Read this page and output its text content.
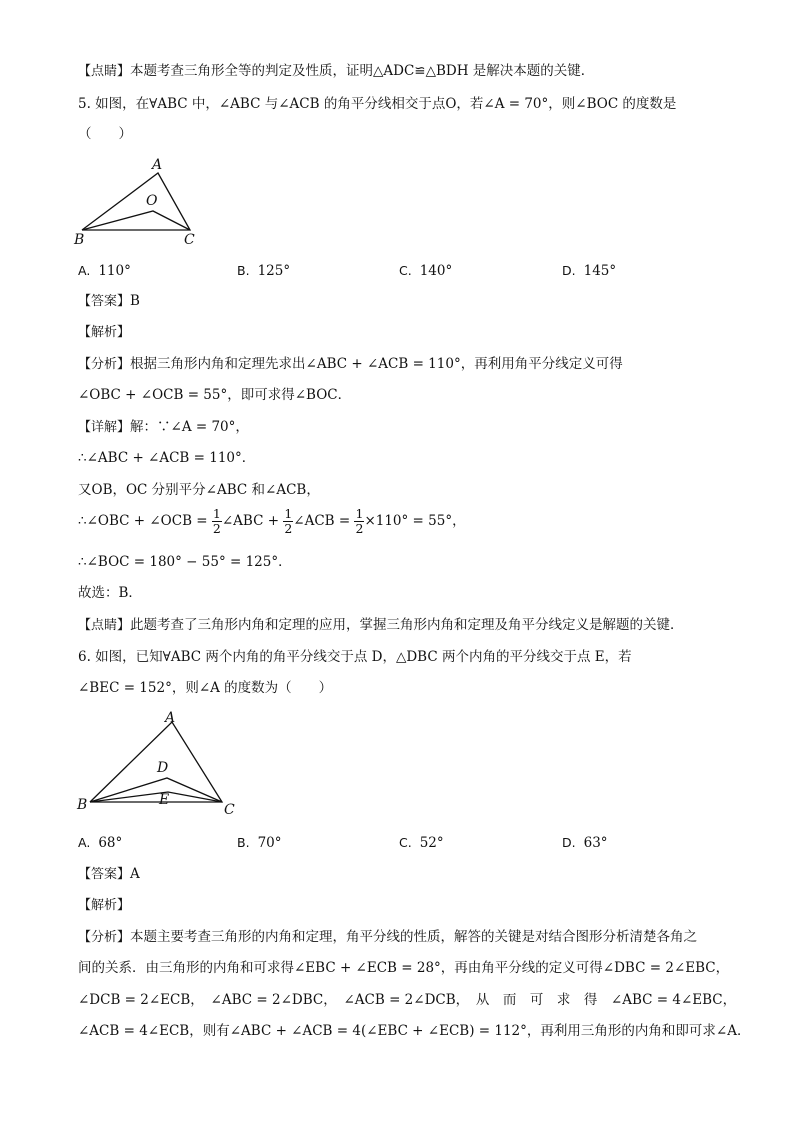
【点睛】本题考查三角形全等的判定及性质，证明△ADC≌△BDH 是解决本题的关键．
5. 如图，在∀ABC 中，∠ABC 与∠ACB 的角平分线相交于点O，若∠A = 70°，则∠BOC 的度数是
（　　）
A
O
B	C
A. 110°	B. 125°	C. 140°	D. 145°
【答案】B
【解析】
【分析】根据三角形内角和定理先求出∠ABC + ∠ACB = 110°，再利用角平分线定义可得
∠OBC + ∠OCB = 55°，即可求得∠BOC．
【详解】解：∵∠A = 70°，
∴∠ABC + ∠ACB = 110°．
又OB，OC 分别平分∠ABC 和∠ACB，
∴∠OBC + ∠OCB = $\frac{1}{2}$ ∠ABC + $\frac{1}{2}$ ∠ACB = $\frac{1}{2} \times 110^\circ = 55^\circ$，
∴∠BOC = 180° − 55° = 125°．
故选：B．
【点睛】此题考查了三角形内角和定理的应用，掌握三角形内角和定理及角平分线定义是解题的关键．
6. 如图，已知∀ABC 两个内角的角平分线交于点 D，△DBC 两个内角的平分线交于点 E，若
∠BEC = 152°，则∠A 的度数为（　　）
A
D
E
B	C
A. 68°	B. 70°	C. 52°	D. 63°
【答案】A
【解析】
【分析】本题主要考查三角形的内角和定理，角平分线的性质，解答的关键是对结合图形分析清楚各角之
间的关系．由三角形的内角和可求得∠EBC + ∠ECB = 28°，再由角平分线的定义可得∠DBC = 2∠EBC，
∠DCB = 2∠ECB，　∠ABC = 2∠DBC，　∠ACB = 2∠DCB，　从　而　可　求　得　∠ABC = 4∠EBC，
∠ACB = 4∠ECB，则有∠ABC + ∠ACB = 4(∠EBC + ∠ECB) = 112°，再利用三角形的内角和即可求∠A．
